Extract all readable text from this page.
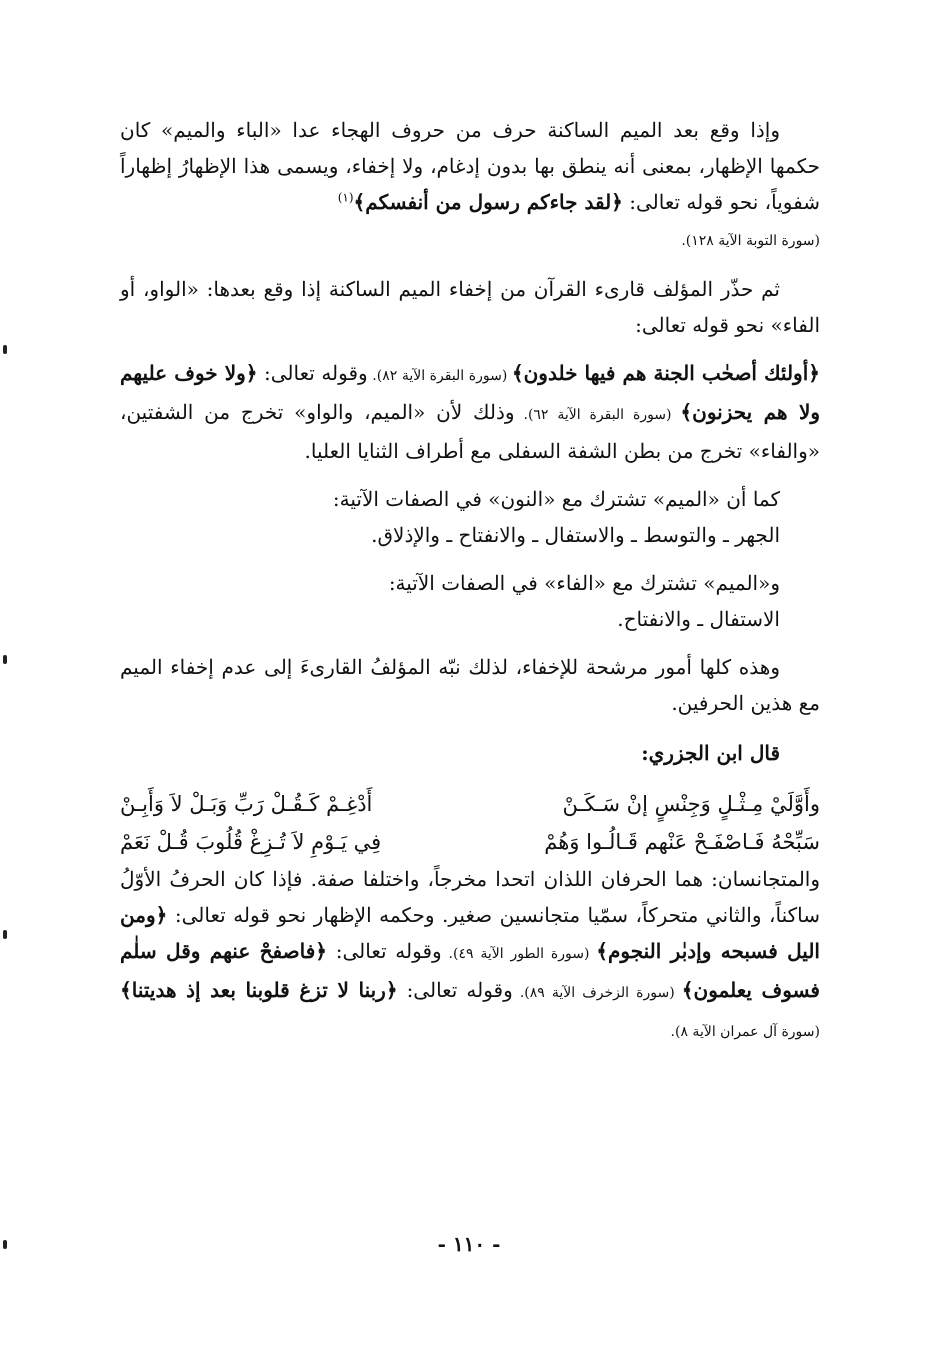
وإذا وقع بعد الميم الساكنة حرف من حروف الهجاء عدا «الباء والميم» كان حكمها الإظهار، بمعنى أنه ينطق بها بدون إدغام، ولا إخفاء، ويسمى هذا الإظهارُ إظهاراً شفوياً، نحو قوله تعالى: ﴿لقد جاءكم رسول من أنفسكم﴾$^{(١)}$
(سورة التوبة الآية ١٢٨).

ثم حذّر المؤلف قارىء القرآن من إخفاء الميم الساكنة إذا وقع بعدها: «الواو، أو الفاء» نحو قوله تعالى:

﴿أولئك أصحٰب الجنة هم فيها خلدون﴾ (سورة البقرة الآية ٨٢). وقوله تعالى: ﴿ولا خوف عليهم ولا هم يحزنون﴾ (سورة البقرة الآية ٦٢). وذلك لأن «الميم، والواو» تخرج من الشفتين، «والفاء» تخرج من بطن الشفة السفلى مع أطراف الثنايا العليا.

كما أن «الميم» تشترك مع «النون» في الصفات الآتية:
الجهر ـ والتوسط ـ والاستفال ـ والانفتاح ـ والإذلاق.

و«الميم» تشترك مع «الفاء» في الصفات الآتية:
الاستفال ـ والانفتاح.

وهذه كلها أمور مرشحة للإخفاء، لذلك نبّه المؤلفُ القارىءَ إلى عدم إخفاء الميم مع هذين الحرفين.

قال ابن الجزري:
وأَوَّلَيْ مِـثْـلٍ وَجِنْسٍ إنْ سَـكَـنْ
أَدْغِـمْ كَـقُـلْ رَبِّ وَبَـلْ لاَ وَأَبِـنْ
سَبِّحْهُ فَـاصْفَـحْ عَنْهم قَـالُـوا وَهُمْ
فِي يَـوْمِ لاَ تُـزِغْ قُلُوبَ قُـلْ نَعَمْ

والمتجانسان: هما الحرفان اللذان اتحدا مخرجاً، واختلفا صفة. فإذا كان الحرفُ الأوّلُ ساكناً، والثاني متحركاً، سمّيا متجانسين صغير. وحكمه الإظهار نحو قوله تعالى: ﴿ومن اليل فسبحه وإدبٰر النجوم﴾ (سورة الطور الآية ٤٩). وقوله تعالى: ﴿فاصفحْ عنهم وقل سلٰم فسوف يعلمون﴾ (سورة الزخرف الآية ٨٩). وقوله تعالى: ﴿ربنا لا تزغ قلوبنا بعد إذ هديتنا﴾ (سورة آل عمران الآية ٨).

- ١١٠ -
